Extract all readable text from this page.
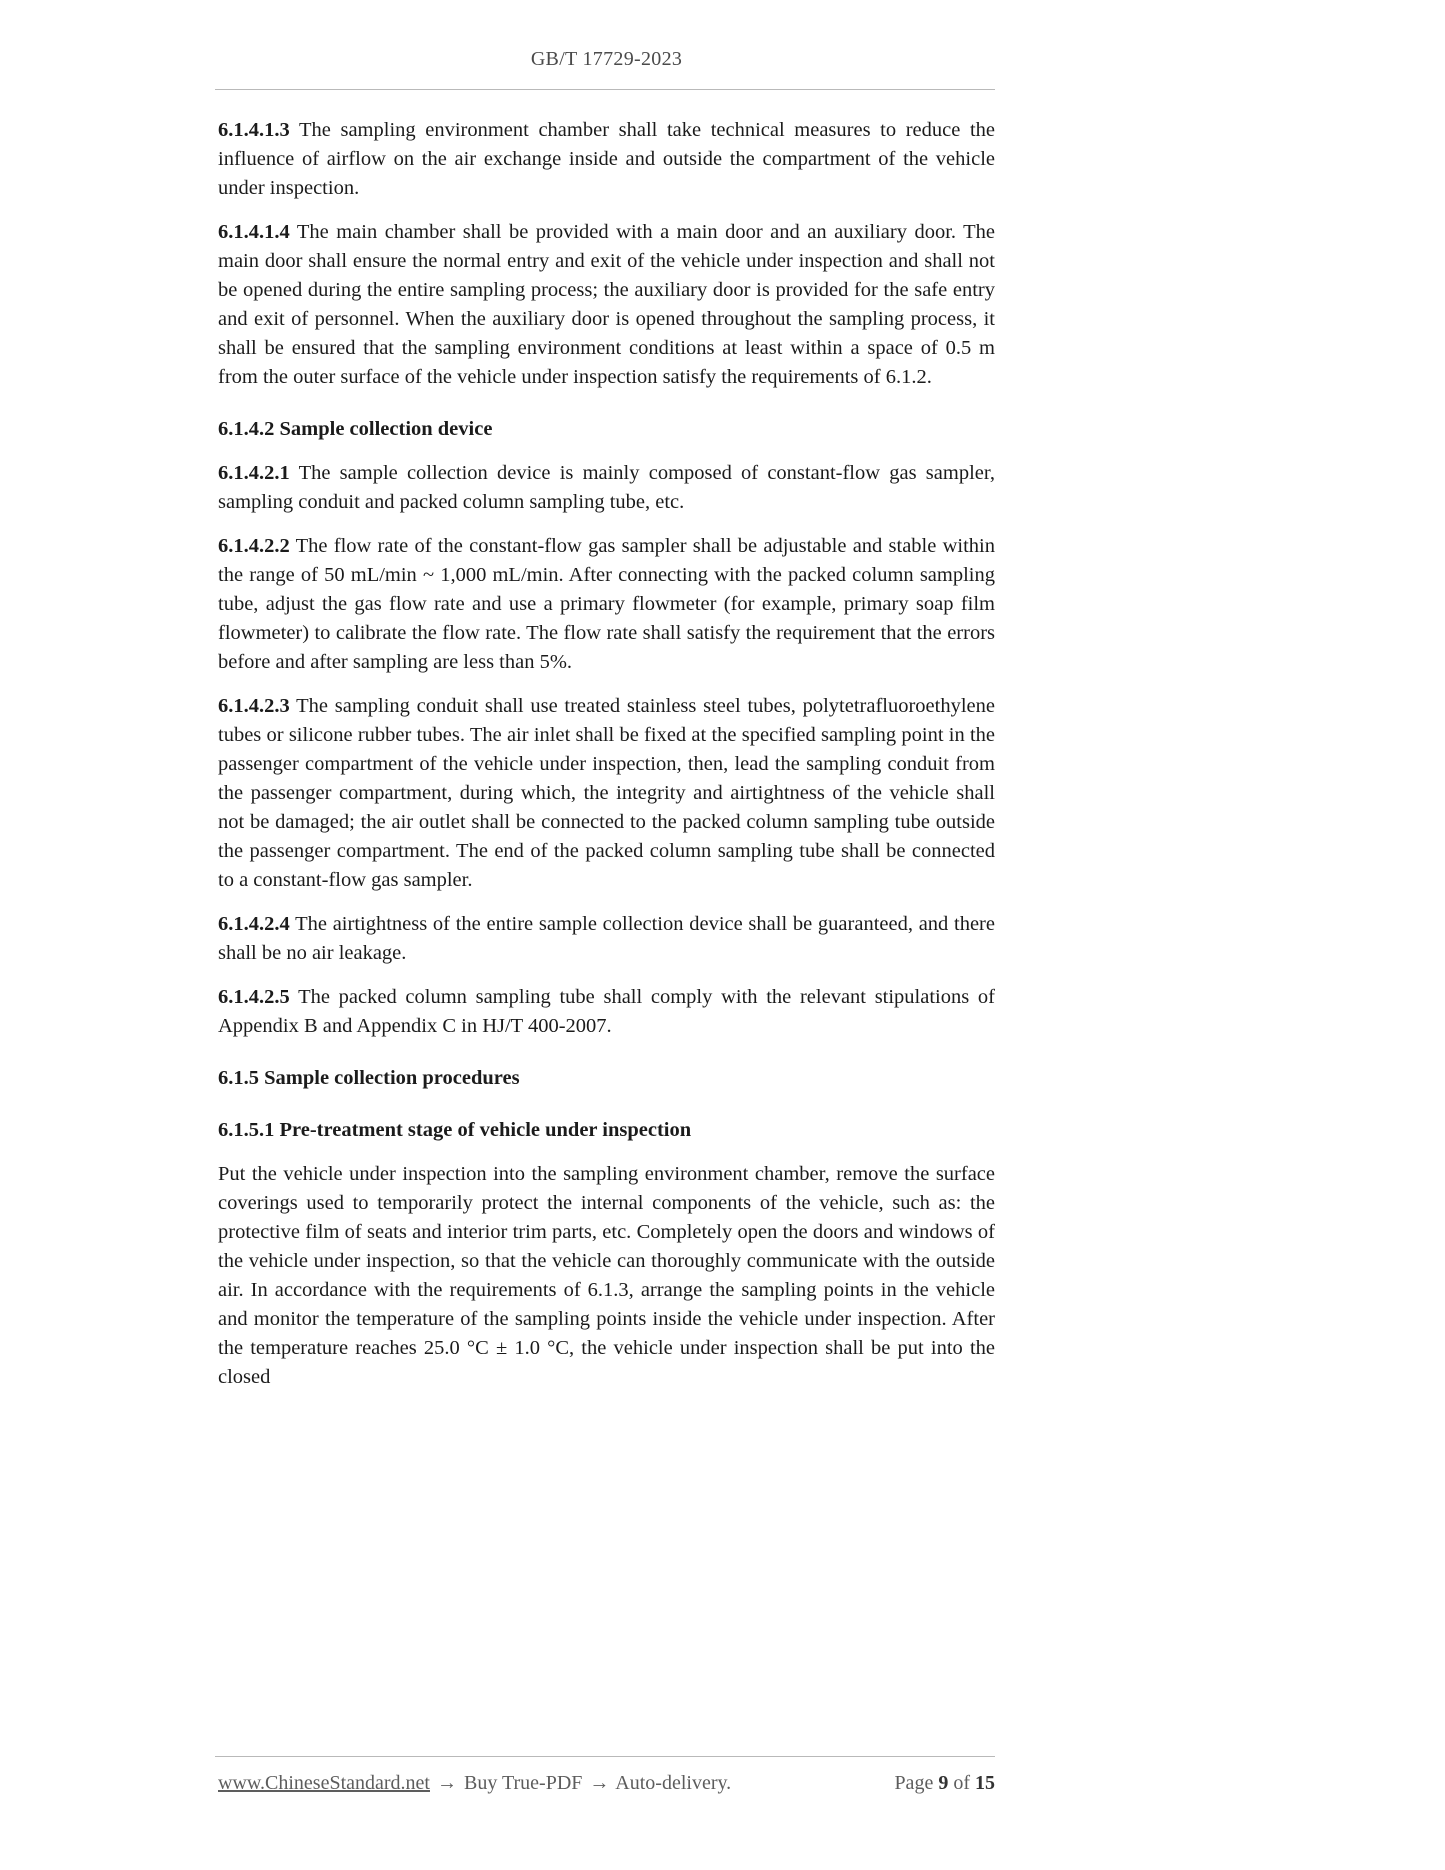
GB/T 17729-2023

6.1.4.1.3 The sampling environment chamber shall take technical measures to reduce the influence of airflow on the air exchange inside and outside the compartment of the vehicle under inspection.

6.1.4.1.4 The main chamber shall be provided with a main door and an auxiliary door. The main door shall ensure the normal entry and exit of the vehicle under inspection and shall not be opened during the entire sampling process; the auxiliary door is provided for the safe entry and exit of personnel. When the auxiliary door is opened throughout the sampling process, it shall be ensured that the sampling environment conditions at least within a space of 0.5 m from the outer surface of the vehicle under inspection satisfy the requirements of 6.1.2.

6.1.4.2 Sample collection device

6.1.4.2.1 The sample collection device is mainly composed of constant-flow gas sampler, sampling conduit and packed column sampling tube, etc.

6.1.4.2.2 The flow rate of the constant-flow gas sampler shall be adjustable and stable within the range of 50 mL/min ~ 1,000 mL/min. After connecting with the packed column sampling tube, adjust the gas flow rate and use a primary flowmeter (for example, primary soap film flowmeter) to calibrate the flow rate. The flow rate shall satisfy the requirement that the errors before and after sampling are less than 5%.

6.1.4.2.3 The sampling conduit shall use treated stainless steel tubes, polytetrafluoroethylene tubes or silicone rubber tubes. The air inlet shall be fixed at the specified sampling point in the passenger compartment of the vehicle under inspection, then, lead the sampling conduit from the passenger compartment, during which, the integrity and airtightness of the vehicle shall not be damaged; the air outlet shall be connected to the packed column sampling tube outside the passenger compartment. The end of the packed column sampling tube shall be connected to a constant-flow gas sampler.

6.1.4.2.4 The airtightness of the entire sample collection device shall be guaranteed, and there shall be no air leakage.

6.1.4.2.5 The packed column sampling tube shall comply with the relevant stipulations of Appendix B and Appendix C in HJ/T 400-2007.

6.1.5 Sample collection procedures

6.1.5.1 Pre-treatment stage of vehicle under inspection

Put the vehicle under inspection into the sampling environment chamber, remove the surface coverings used to temporarily protect the internal components of the vehicle, such as: the protective film of seats and interior trim parts, etc. Completely open the doors and windows of the vehicle under inspection, so that the vehicle can thoroughly communicate with the outside air. In accordance with the requirements of 6.1.3, arrange the sampling points in the vehicle and monitor the temperature of the sampling points inside the vehicle under inspection. After the temperature reaches 25.0 °C ± 1.0 °C, the vehicle under inspection shall be put into the closed

www.ChineseStandard.net → Buy True-PDF → Auto-delivery.	Page 9 of 15
